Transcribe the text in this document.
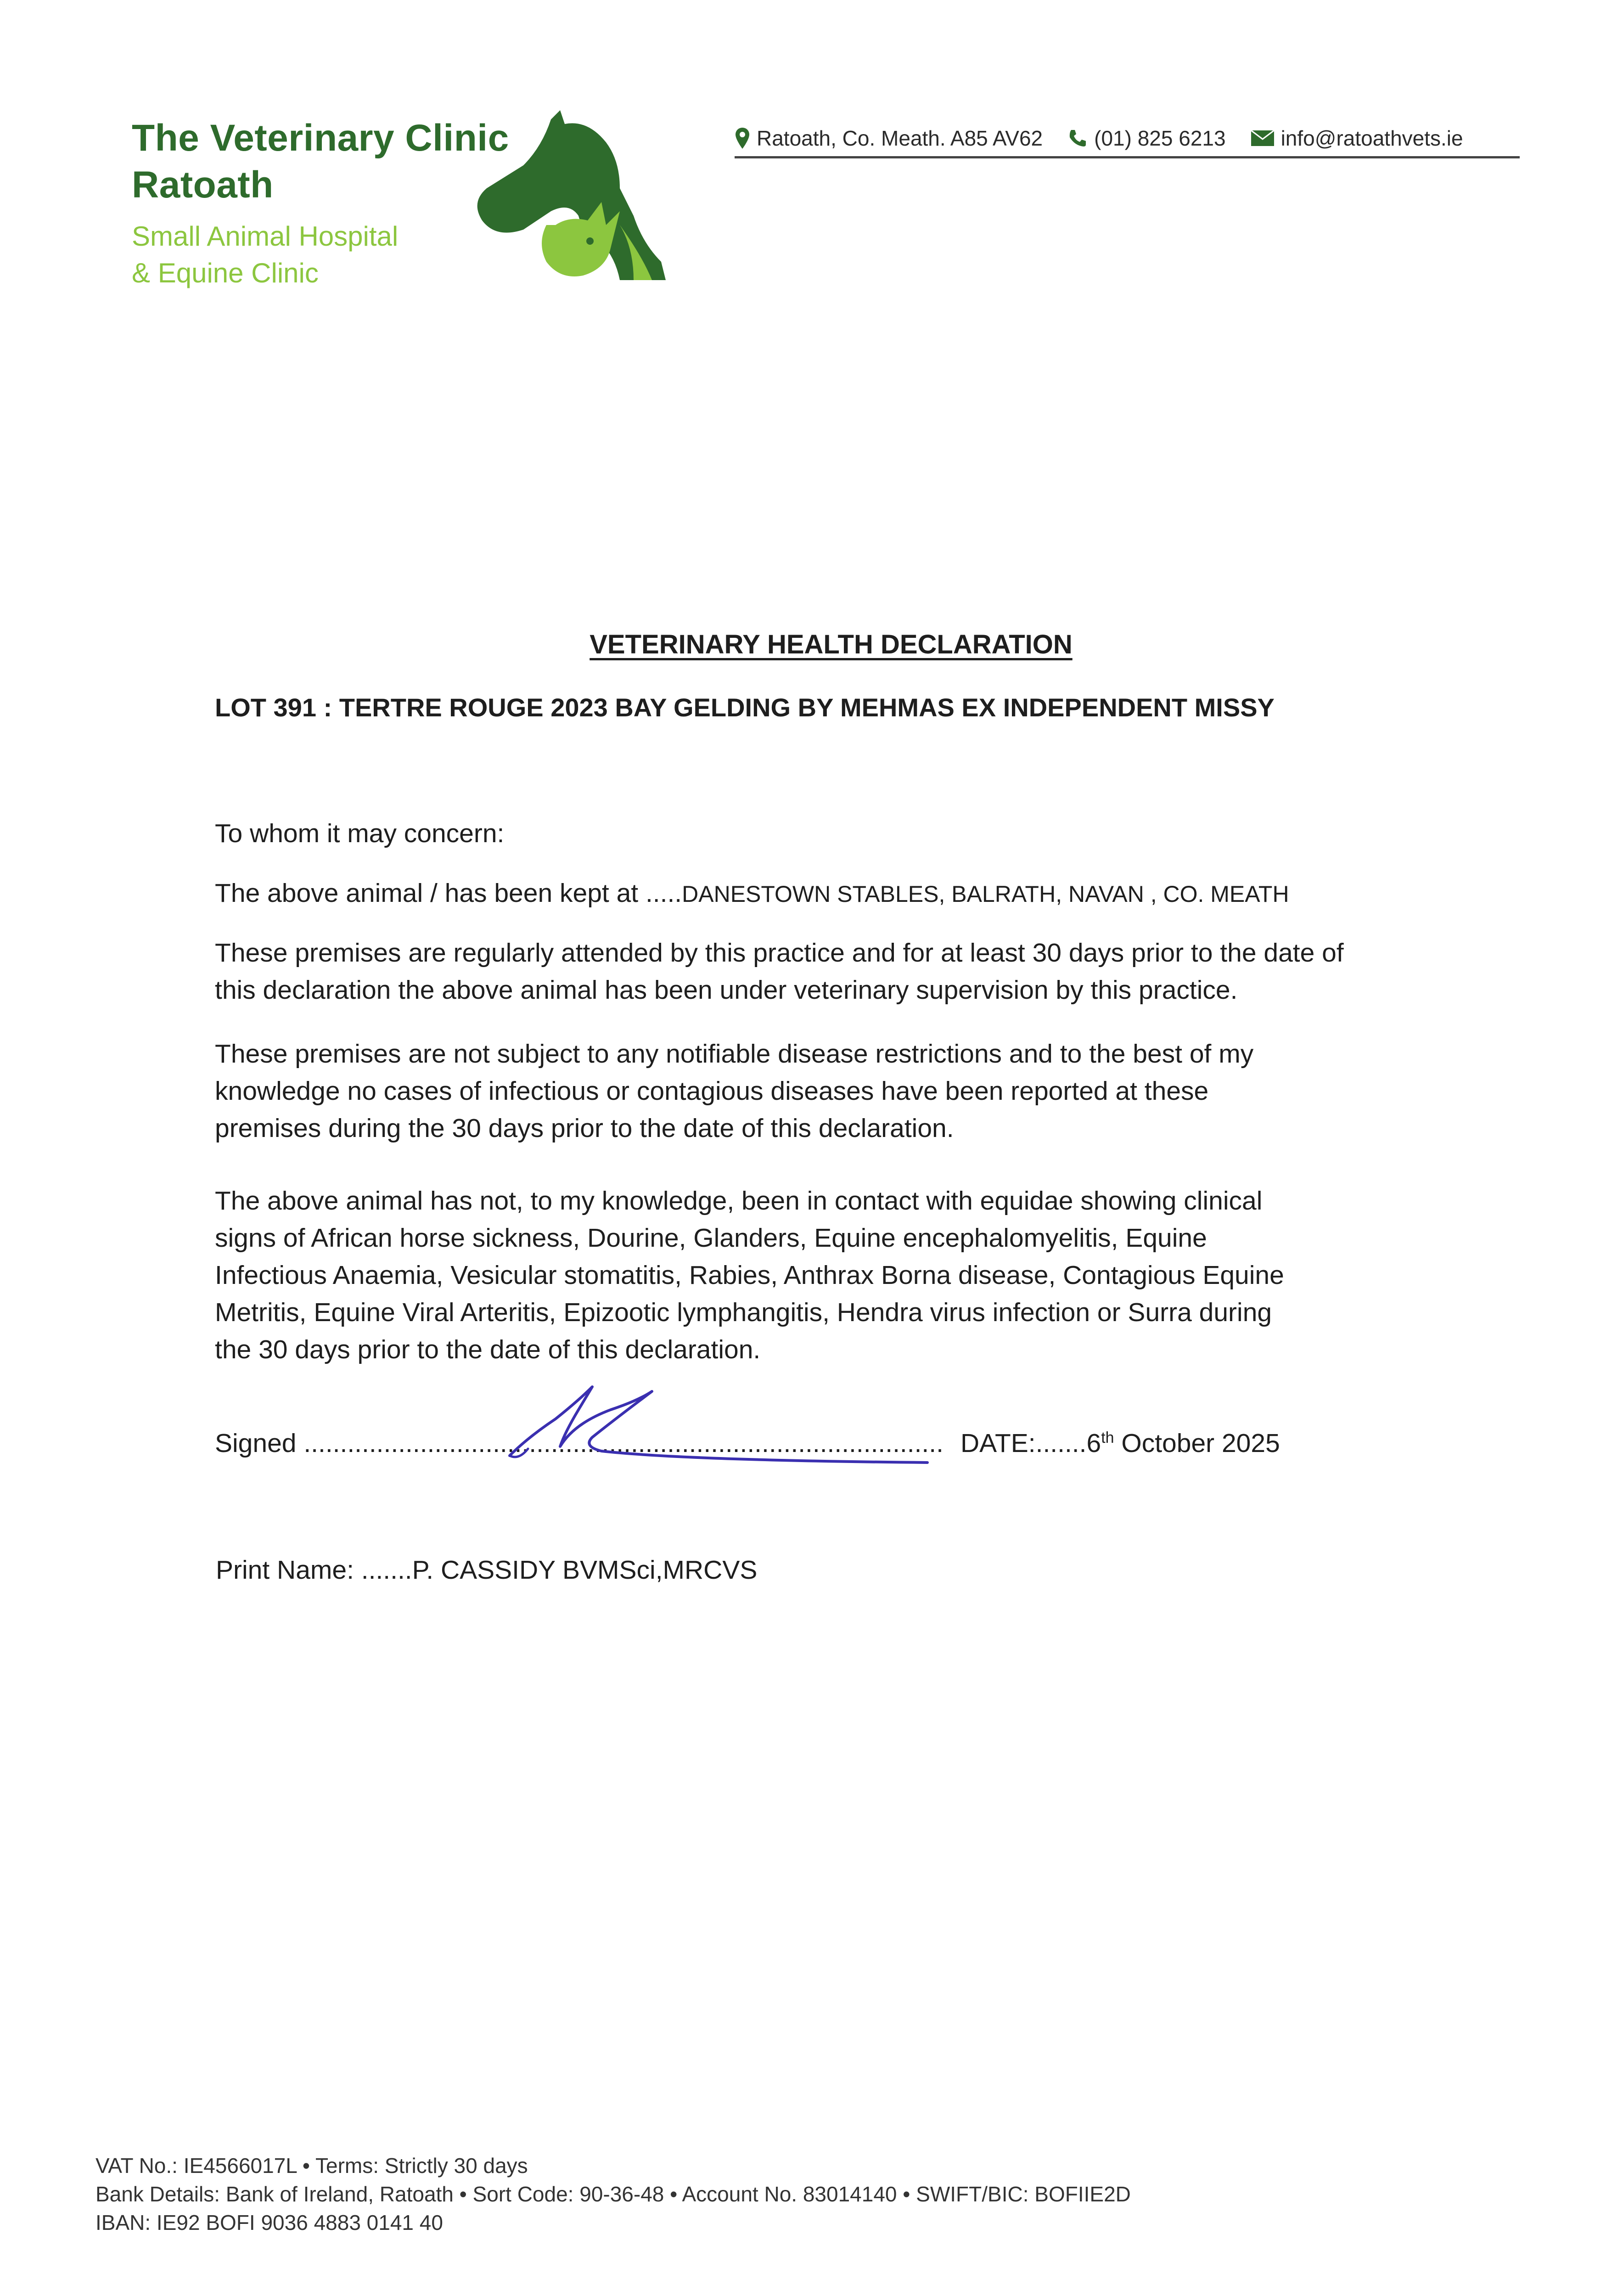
The Veterinary Clinic
Ratoath
Small Animal Hospital
& Equine Clinic
Ratoath, Co. Meath. A85 AV62 (01) 825 6213	info@ratoathvets.ie
VETERINARY HEALTH DECLARATION
LOT 391 : TERTRE ROUGE 2023 BAY GELDING BY MEHMAS EX INDEPENDENT MISSY
To whom it may concern:
The above animal / has been kept at .....DANESTOWN STABLES, BALRATH, NAVAN , CO. MEATH
These premises are regularly attended by this practice and for at least 30 days prior to the date of
this declaration the above animal has been under veterinary supervision by this practice.
These premises are not subject to any notifiable disease restrictions and to the best of my
knowledge no cases of infectious or contagious diseases have been reported at these
premises during the 30 days prior to the date of this declaration.
The above animal has not, to my knowledge, been in contact with equidae showing clinical
signs of African horse sickness, Dourine, Glanders, Equine encephalomyelitis, Equine
Infectious Anaemia, Vesicular stomatitis, Rabies, Anthrax Borna disease, Contagious Equine
Metritis, Equine Viral Arteritis, Epizootic lymphangitis, Hendra virus infection or Surra during
the 30 days prior to the date of this declaration.
Signed ........................................................................................ DATE:.......6th October 2025
Print Name: .......P. CASSIDY BVMSci,MRCVS
VAT No.: IE4566017L • Terms: Strictly 30 days
Bank Details: Bank of Ireland, Ratoath • Sort Code: 90-36-48 • Account No. 83014140 • SWIFT/BIC: BOFIIE2D
IBAN: IE92 BOFI 9036 4883 0141 40
